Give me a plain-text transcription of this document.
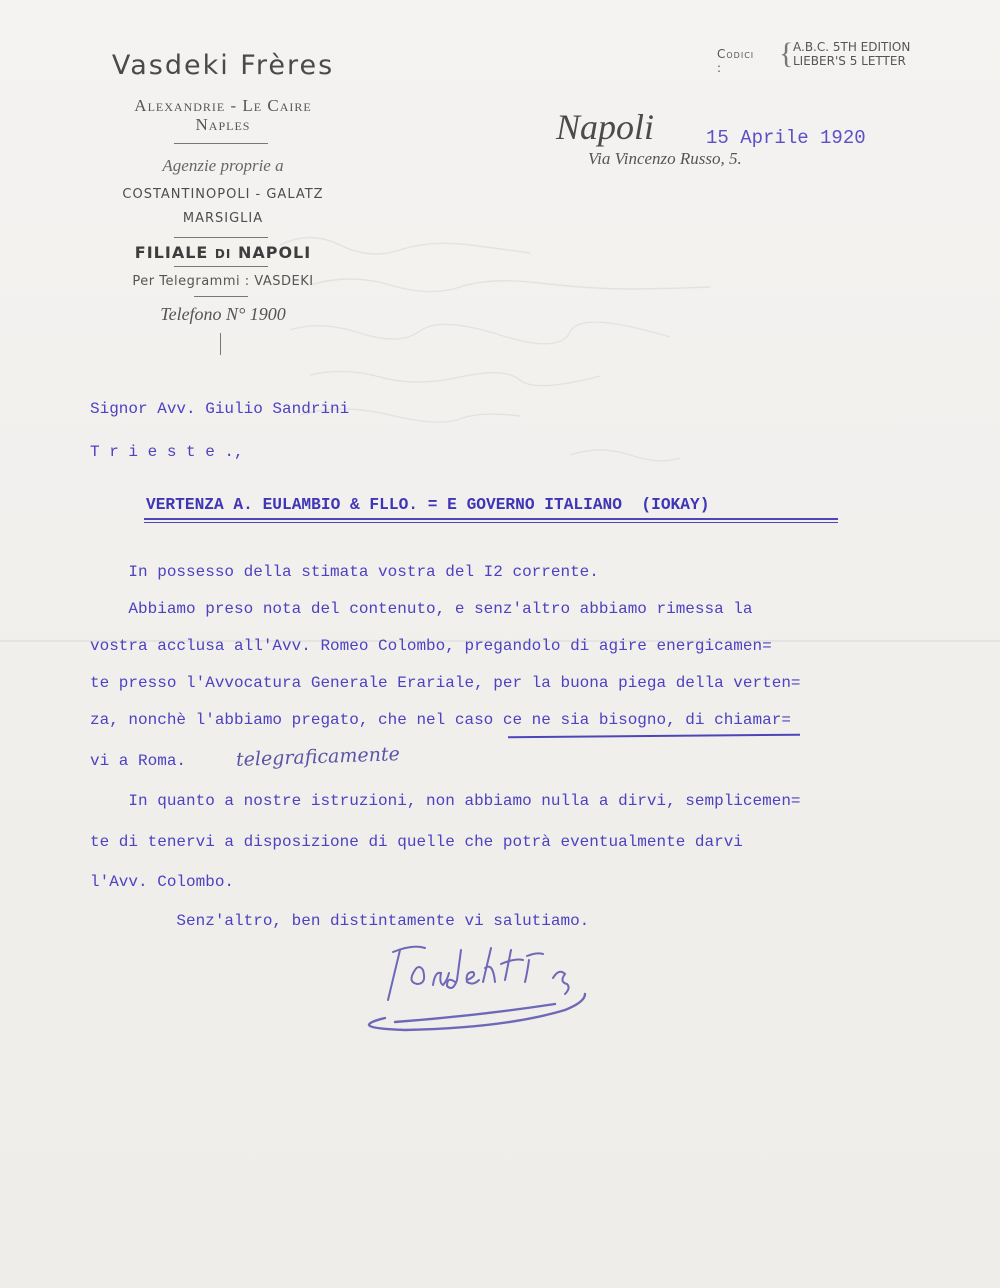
Vasdeki Frères
Alexandrie - Le Caire
Naples
Agenzie proprie a
COSTANTINOPOLI - GALATZ
MARSIGLIA
FILIALE DI NAPOLI
Per Telegrammi : VASDEKI
Telefono N° 1900
Codici :	{ A.B.C. 5TH EDITION
LIEBER'S 5 LETTER
Napoli	15 Aprile 1920
Via Vincenzo Russo, 5.
Signor Avv. Giulio Sandrini
T r i e s t e .,
VERTENZA A. EULAMBIO & FLLO. = E GOVERNO ITALIANO  (IOKAY)
In possesso della stimata vostra del I2 corrente.
Abbiamo preso nota del contenuto, e senz'altro abbiamo rimessa la
vostra acclusa all'Avv. Romeo Colombo, pregandolo di agire energicamen=
te presso l'Avvocatura Generale Erariale, per la buona piega della verten=
za, nonchè l'abbiamo pregato, che nel caso ce ne sia bisogno, di chiamar=
vi a Roma.	telegraficamente
In quanto a nostre istruzioni, non abbiamo nulla a dirvi, semplicemen=
te di tenervi a disposizione di quelle che potrà eventualmente darvi
l'Avv. Colombo.
Senz'altro, ben distintamente vi salutiamo.
